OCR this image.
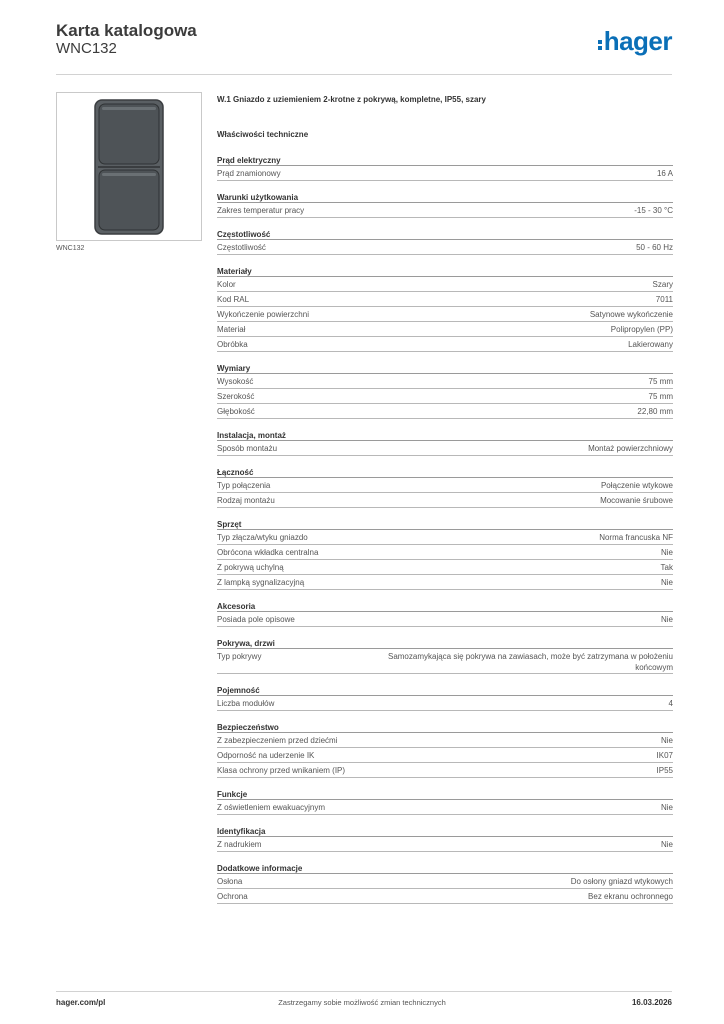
Karta katalogowa
WNC132	hager
WNC132
W.1 Gniazdo z uziemieniem 2-krotne z pokrywą, kompletne, IP55, szary
Właściwości techniczne
Prąd elektryczny
Prąd znamionowy	16 A
Warunki użytkowania
Zakres temperatur pracy	-15 - 30 °C
Częstotliwość
Częstotliwość	50 - 60 Hz
Materiały
Kolor	Szary
Kod RAL	7011
Wykończenie powierzchni	Satynowe wykończenie
Materiał	Polipropylen (PP)
Obróbka	Lakierowany
Wymiary
Wysokość	75 mm
Szerokość	75 mm
Głębokość	22,80 mm
Instalacja, montaż
Sposób montażu	Montaż powierzchniowy
Łączność
Typ połączenia	Połączenie wtykowe
Rodzaj montażu	Mocowanie śrubowe
Sprzęt
Typ złącza/wtyku gniazdo	Norma francuska NF
Obrócona wkładka centralna	Nie
Z pokrywą uchylną	Tak
Z lampką sygnalizacyjną	Nie
Akcesoria
Posiada pole opisowe	Nie
Pokrywa, drzwi
Typ pokrywy	Samozamykająca się pokrywa na zawiasach, może być zatrzymana w położeniu końcowym
Pojemność
Liczba modułów	4
Bezpieczeństwo
Z zabezpieczeniem przed dziećmi	Nie
Odporność na uderzenie IK	IK07
Klasa ochrony przed wnikaniem (IP)	IP55
Funkcje
Z oświetleniem ewakuacyjnym	Nie
Identyfikacja
Z nadrukiem	Nie
Dodatkowe informacje
Osłona	Do osłony gniazd wtykowych
Ochrona	Bez ekranu ochronnego
hager.com/pl	Zastrzegamy sobie możliwość zmian technicznych	16.03.2026
